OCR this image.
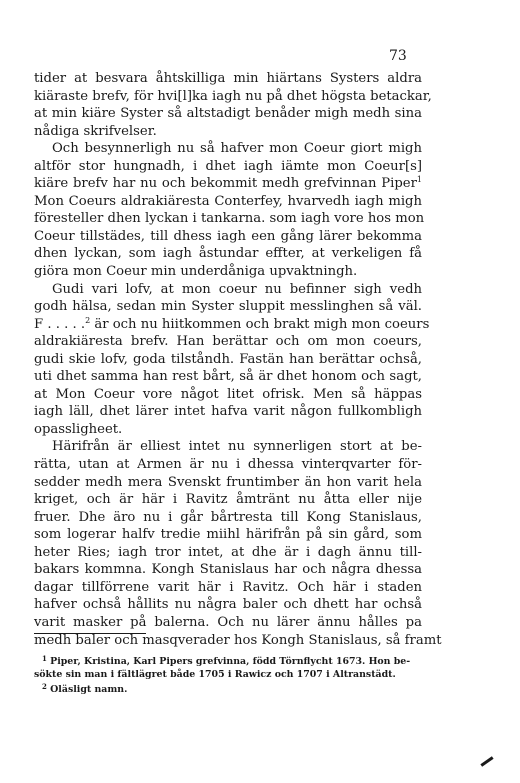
73
tider at besvara åhtskilliga min hiärtans Systers aldra
kiäraste brefv, för hvi[l]ka iagh nu på dhet högsta betackar,
at min kiäre Syster så altstadigt benåder migh medh sina
nådiga skrifvelser.
Och besynnerligh nu så hafver mon Coeur giort migh
altför stor hungnadh, i dhet iagh iämte mon Coeur[s]
kiäre brefv har nu och bekommit medh grefvinnan Piper$^1$
Mon Coeurs aldrakiäresta Conterfey, hvarvedh iagh migh
föresteller dhen lyckan i tankarna. som iagh vore hos mon
Coeur tillstädes, till dhess iagh een gång lärer bekomma
dhen lyckan, som iagh åstundar effter, at verkeligen få
giöra mon Coeur min underdåniga upvaktningh.
Gudi vari lofv, at mon coeur nu befinner sigh vedh
godh hälsa, sedan min Syster sluppit messlinghen så väl.
F . . . . .$^2$ är och nu hiitkommen och brakt migh mon coeurs
aldrakiäresta brefv. Han berättar och om mon coeurs,
gudi skie lofv, goda tilståndh. Fastän han berättar ochså,
uti dhet samma han rest bårt, så är dhet honom och sagt,
at Mon Coeur vore något litet ofrisk. Men så häppas
iagh läll, dhet lärer intet hafva varit någon fullkombligh
opassligheet.
Härifrån är elliest intet nu synnerligen stort at be-
rätta, utan at Armen är nu i dhessa vinterqvarter för-
sedder medh mera Svenskt fruntimber än hon varit hela
kriget, och är här i Ravitz åmtränt nu åtta eller nije
fruer. Dhe äro nu i går bårtresta till Kong Stanislaus,
som logerar halfv tredie miihl härifrån på sin gård, som
heter Ries; iagh tror intet, at dhe är i dagh ännu till-
bakars kommna. Kongh Stanislaus har och några dhessa
dagar tillförrene varit här i Ravitz. Och här i staden
hafver ochså hållits nu några baler och dhett har ochså
varit masker på balerna. Och nu lärer ännu hålles pa
medh baler och masqverader hos Kongh Stanislaus, så framt
$^1$ Piper, Kristina, Karl Pipers grefvinna, född Törnflycht 1673. Hon be-
sökte sin man i fältlägret både 1705 i Rawicz och 1707 i Altranstädt.
$^2$ Oläsligt namn.
